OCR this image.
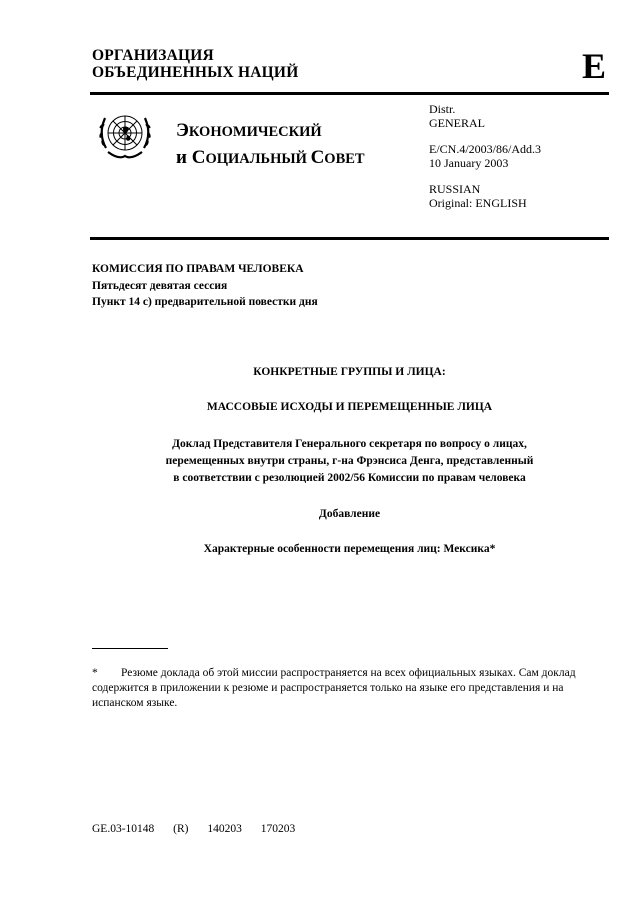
ОРГАНИЗАЦИЯ
ОБЪЕДИНЕННЫХ НАЦИЙ	E
ЭКОНОМИЧЕСКИЙ
и СОЦИАЛЬНЫЙ СОВЕТ
Distr.
GENERAL
E/CN.4/2003/86/Add.3
10 January 2003
RUSSIAN
Original: ENGLISH
КОМИССИЯ ПО ПРАВАМ ЧЕЛОВЕКА
Пятьдесят девятая сессия
Пункт 14 c) предварительной повестки дня
КОНКРЕТНЫЕ ГРУППЫ И ЛИЦА:
МАССОВЫЕ ИСХОДЫ И ПЕРЕМЕЩЕННЫЕ ЛИЦА
Доклад Представителя Генерального секретаря по вопросу о лицах,
перемещенных внутри страны, г-на Фрэнсиса Денга, представленный
в соответствии с резолюцией 2002/56 Комиссии по правам человека
Добавление
Характерные особенности перемещения лиц: Мексика*
* Резюме доклада об этой миссии распространяется на всех официальных языках. Сам доклад содержится в приложении к резюме и распространяется только на языке его представления и на испанском языке.
GE.03-10148 (R) 140203 170203
